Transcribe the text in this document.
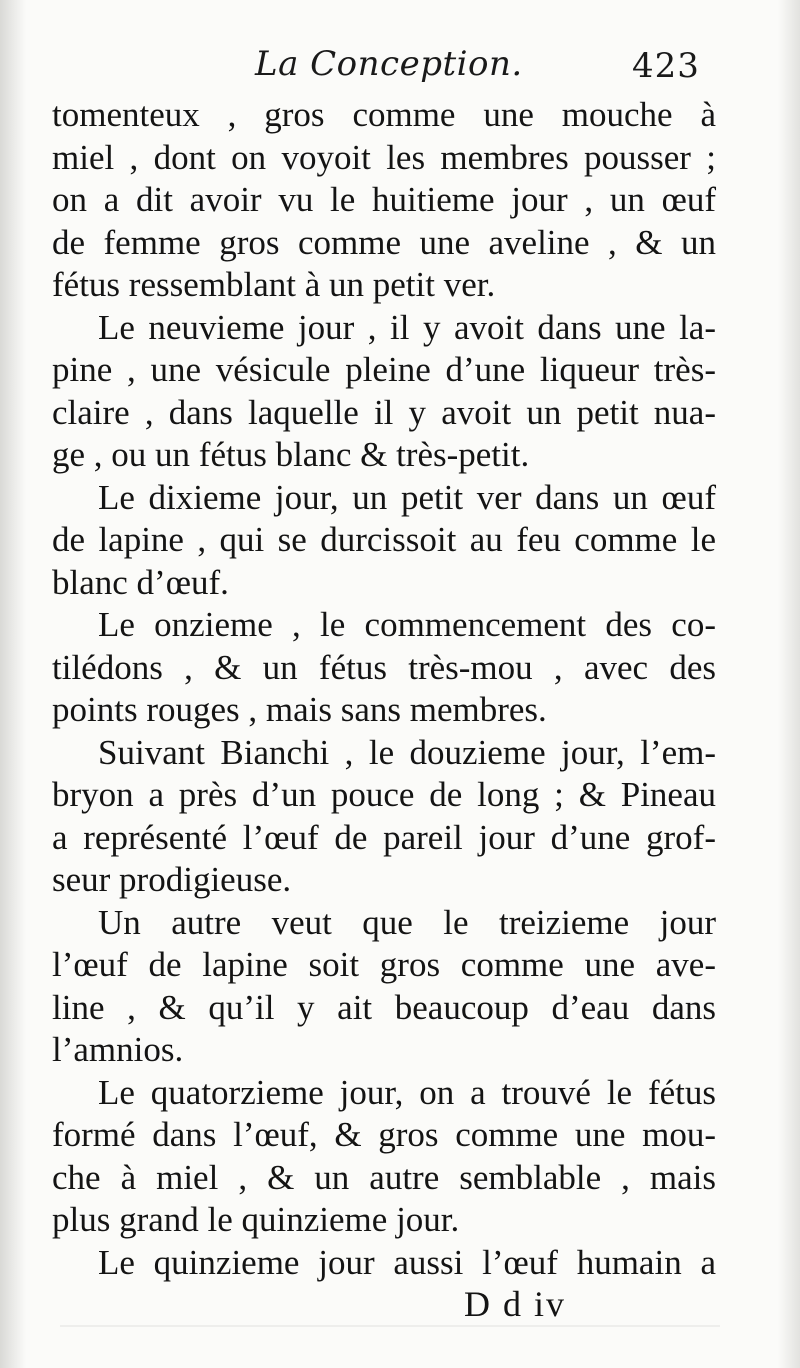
La Conception.	423
tomenteux , gros comme une mouche à
miel , dont on voyoit les membres pousser ;
on a dit avoir vu le huitieme jour , un œuf
de femme gros comme une aveline , & un
fétus ressemblant à un petit ver.
Le neuvieme jour , il y avoit dans une la-
pine , une vésicule pleine d’une liqueur très-
claire , dans laquelle il y avoit un petit nua-
ge , ou un fétus blanc & très-petit.
Le dixieme jour, un petit ver dans un œuf
de lapine , qui se durcissoit au feu comme le
blanc d’œuf.
Le onzieme , le commencement des co-
tilédons , & un fétus très-mou , avec des
points rouges , mais sans membres.
Suivant Bianchi , le douzieme jour, l’em-
bryon a près d’un pouce de long ; & Pineau
a représenté l’œuf de pareil jour d’une grof-
seur prodigieuse.
Un autre veut que le treizieme jour
l’œuf de lapine soit gros comme une ave-
line , & qu’il y ait beaucoup d’eau dans
l’amnios.
Le quatorzieme jour, on a trouvé le fétus
formé dans l’œuf, & gros comme une mou-
che à miel , & un autre semblable , mais
plus grand le quinzieme jour.
Le quinzieme jour aussi l’œuf humain a
D d iv
